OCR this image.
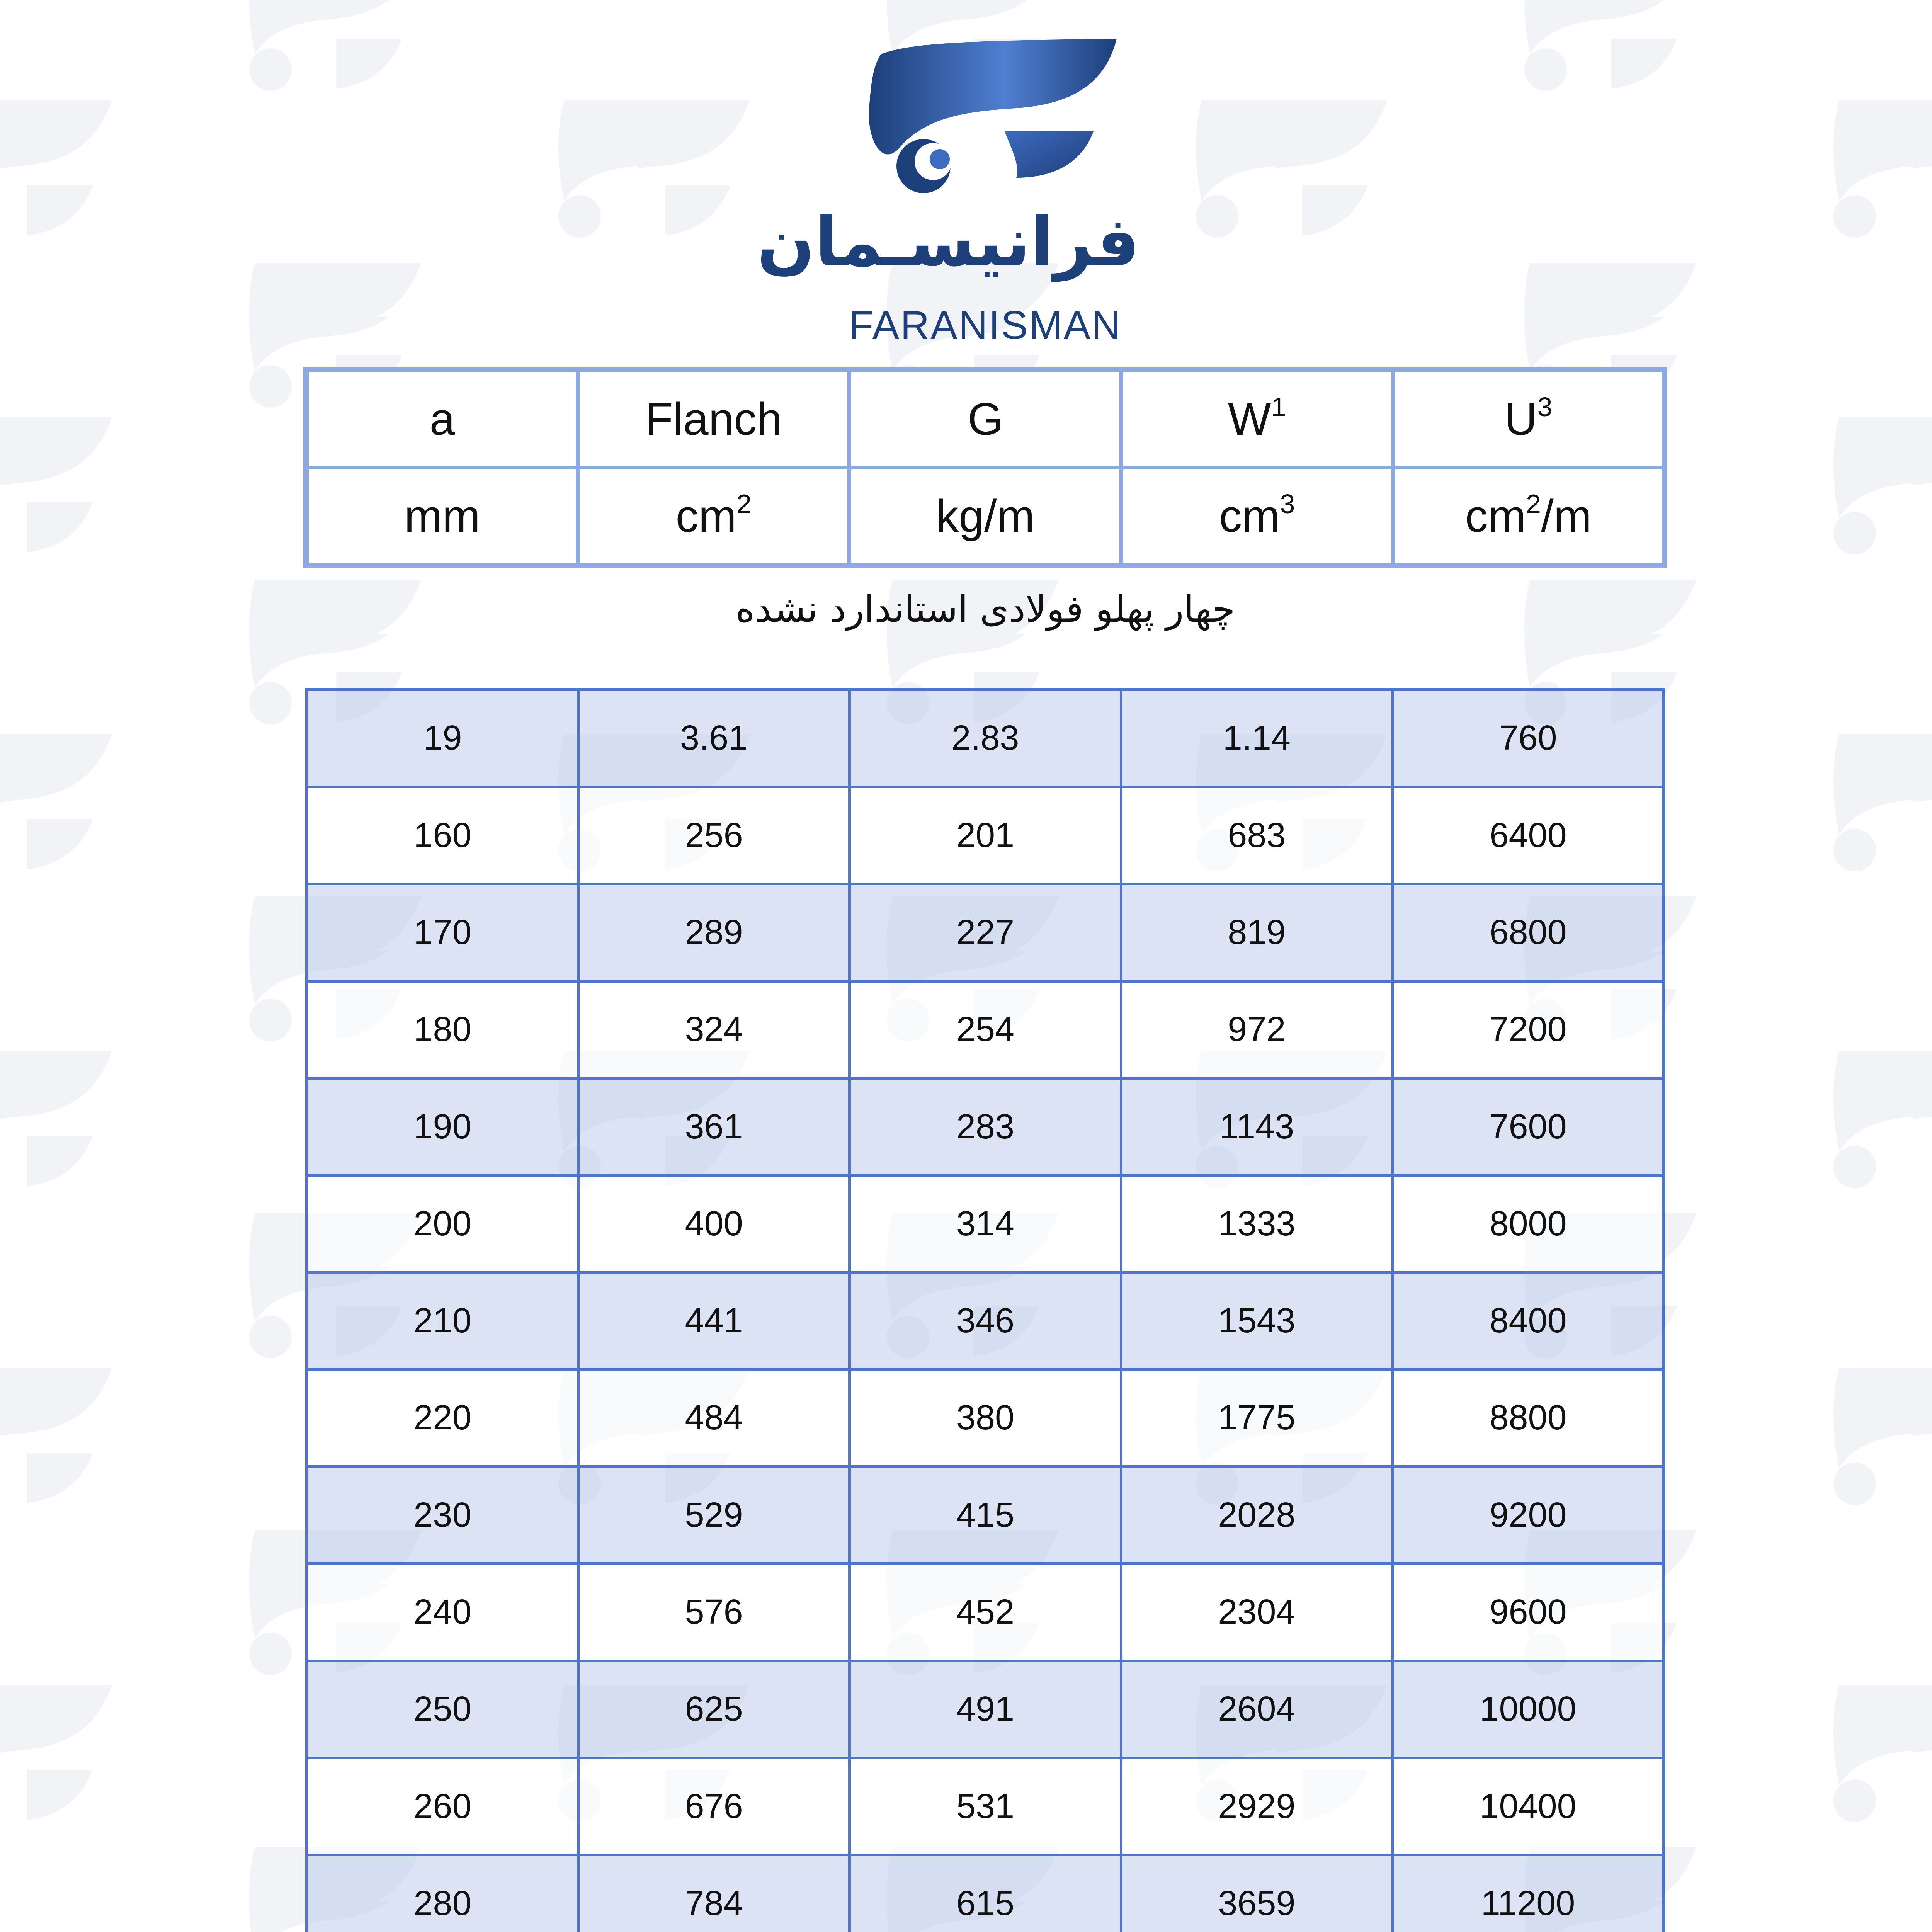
فرانیسـمان
FARANISMAN
a	Flanch	G	$W^1$	$U^3$
mm	$cm^2$	kg/m	$cm^3$	$cm^2/m$
چهار پهلو فولادی استاندارد نشده
19	3.61	2.83	1.14	760
160	256	201	683	6400
170	289	227	819	6800
180	324	254	972	7200
190	361	283	1143	7600
200	400	314	1333	8000
210	441	346	1543	8400
220	484	380	1775	8800
230	529	415	2028	9200
240	576	452	2304	9600
250	625	491	2604	10000
260	676	531	2929	10400
280	784	615	3659	11200
